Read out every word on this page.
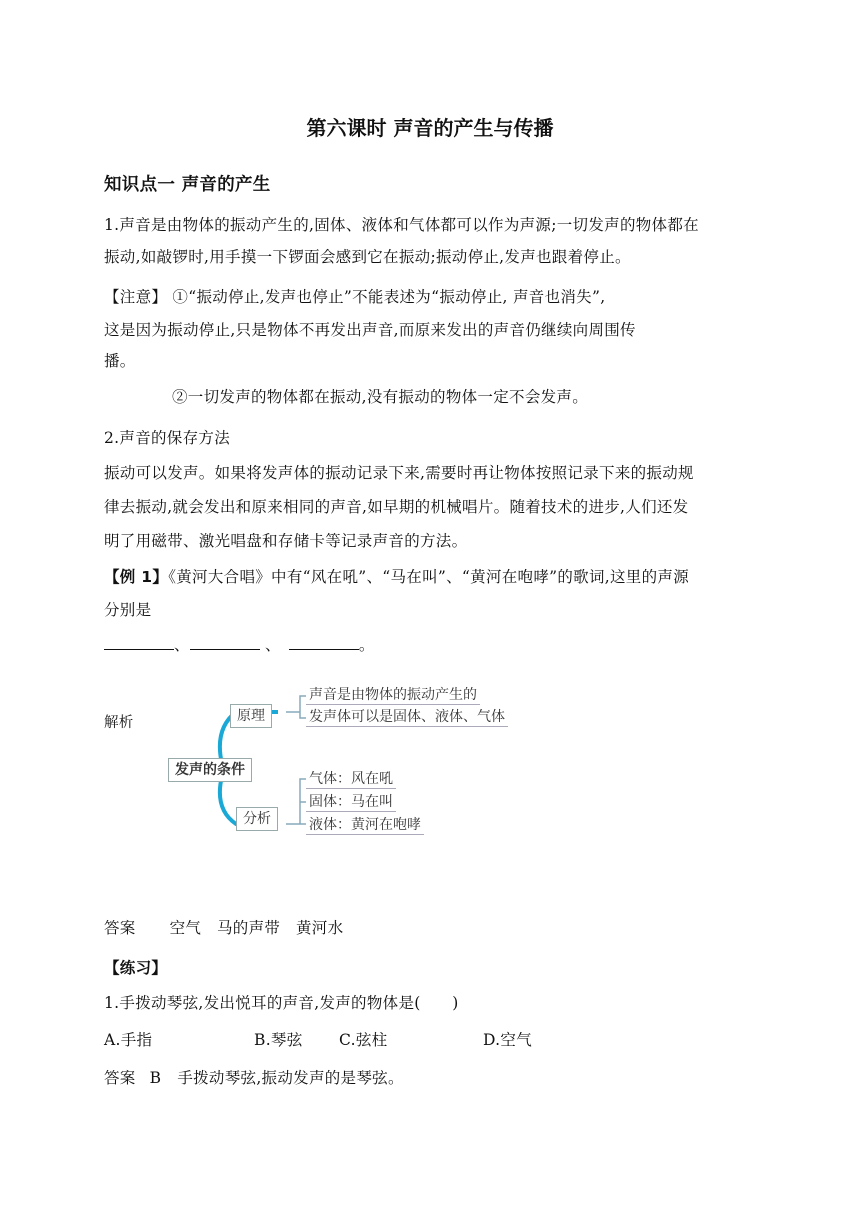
第六课时 声音的产生与传播
知识点一 声音的产生
1.声音是由物体的振动产生的,固体、液体和气体都可以作为声源;一切发声的物体都在
振动,如敲锣时,用手摸一下锣面会感到它在振动;振动停止,发声也跟着停止。
【注意】 ①“振动停止,发声也停止”不能表述为“振动停止, 声音也消失”,
这是因为振动停止,只是物体不再发出声音,而原来发出的声音仍继续向周围传
播。
②一切发声的物体都在振动,没有振动的物体一定不会发声。
2.声音的保存方法
振动可以发声。如果将发声体的振动记录下来,需要时再让物体按照记录下来的振动规
律去振动,就会发出和原来相同的声音,如早期的机械唱片。随着技术的进步,人们还发
明了用磁带、激光唱盘和存储卡等记录声音的方法。
【例 1】《黄河大合唱》中有“风在吼”、“马在叫”、“黄河在咆哮”的歌词,这里的声源
分别是
、	、	。
解析
发声的条件
原理
分析
声音是由物体的振动产生的
发声体可以是固体、液体、气体
气体：风在吼
固体：马在叫
液体：黄河在咆哮
答案 空气　马的声带　黄河水
【练习】
1.手拨动琴弦,发出悦耳的声音,发声的物体是(　　)
A.手指	B.琴弦 C.弦柱	D.空气
答案 B 手拨动琴弦,振动发声的是琴弦。
